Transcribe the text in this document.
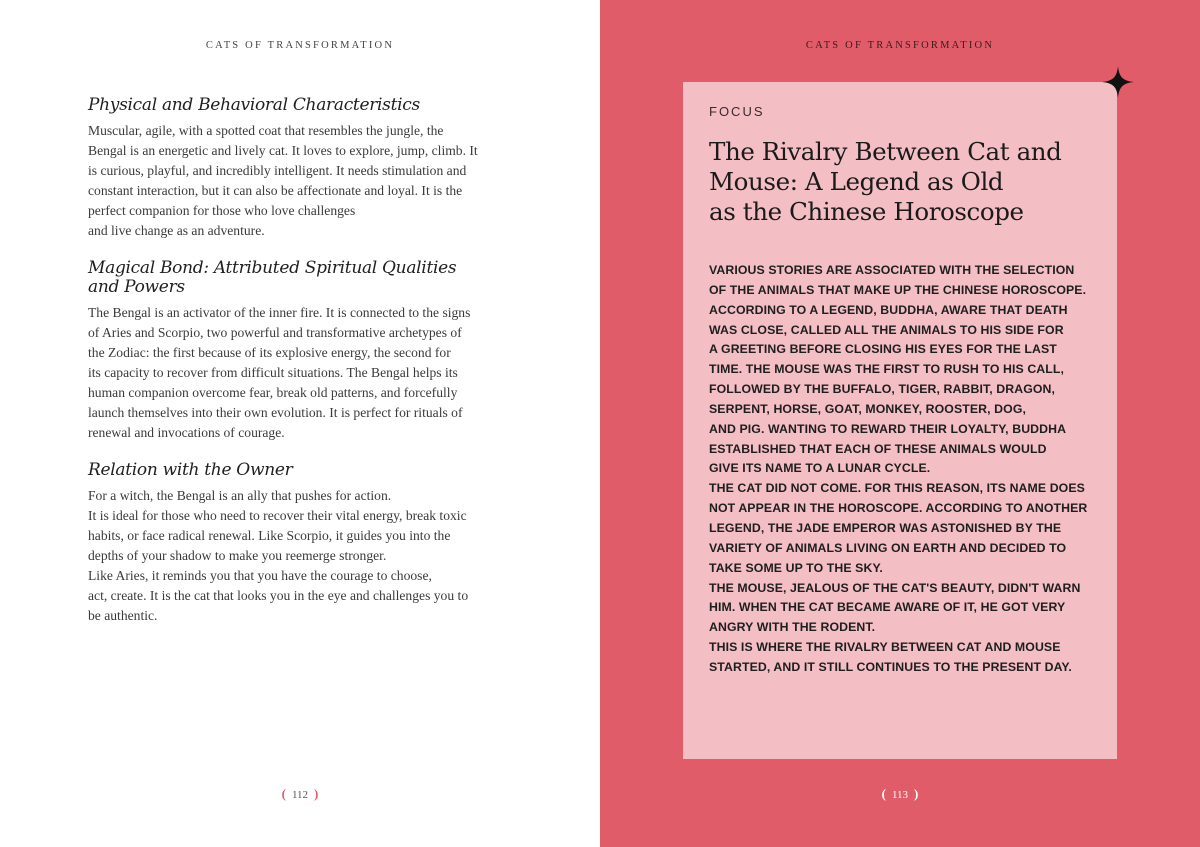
CATS OF TRANSFORMATION
Physical and Behavioral Characteristics

Muscular, agile, with a spotted coat that resembles the jungle, the
Bengal is an energetic and lively cat. It loves to explore, jump, climb. It
is curious, playful, and incredibly intelligent. It needs stimulation and
constant interaction, but it can also be affectionate and loyal. It is the
perfect companion for those who love challenges
and live change as an adventure.

Magical Bond: Attributed Spiritual Qualities
and Powers

The Bengal is an activator of the inner fire. It is connected to the signs
of Aries and Scorpio, two powerful and transformative archetypes of
the Zodiac: the first because of its explosive energy, the second for
its capacity to recover from difficult situations. The Bengal helps its
human companion overcome fear, break old patterns, and forcefully
launch themselves into their own evolution. It is perfect for rituals of
renewal and invocations of courage.

Relation with the Owner

For a witch, the Bengal is an ally that pushes for action.
It is ideal for those who need to recover their vital energy, break toxic
habits, or face radical renewal. Like Scorpio, it guides you into the
depths of your shadow to make you reemerge stronger.
Like Aries, it reminds you that you have the courage to choose,
act, create. It is the cat that looks you in the eye and challenges you to
be authentic.

( 112 )
CATS OF TRANSFORMATION
FOCUS
The Rivalry Between Cat and
Mouse: A Legend as Old
as the Chinese Horoscope

VARIOUS STORIES ARE ASSOCIATED WITH THE SELECTION
OF THE ANIMALS THAT MAKE UP THE CHINESE HOROSCOPE.
ACCORDING TO A LEGEND, BUDDHA, AWARE THAT DEATH
WAS CLOSE, CALLED ALL THE ANIMALS TO HIS SIDE FOR
A GREETING BEFORE CLOSING HIS EYES FOR THE LAST
TIME. THE MOUSE WAS THE FIRST TO RUSH TO HIS CALL,
FOLLOWED BY THE BUFFALO, TIGER, RABBIT, DRAGON,
SERPENT, HORSE, GOAT, MONKEY, ROOSTER, DOG,
AND PIG. WANTING TO REWARD THEIR LOYALTY, BUDDHA
ESTABLISHED THAT EACH OF THESE ANIMALS WOULD
GIVE ITS NAME TO A LUNAR CYCLE.
THE CAT DID NOT COME. FOR THIS REASON, ITS NAME DOES
NOT APPEAR IN THE HOROSCOPE. ACCORDING TO ANOTHER
LEGEND, THE JADE EMPEROR WAS ASTONISHED BY THE
VARIETY OF ANIMALS LIVING ON EARTH AND DECIDED TO
TAKE SOME UP TO THE SKY.
THE MOUSE, JEALOUS OF THE CAT'S BEAUTY, DIDN'T WARN
HIM. WHEN THE CAT BECAME AWARE OF IT, HE GOT VERY
ANGRY WITH THE RODENT.
THIS IS WHERE THE RIVALRY BETWEEN CAT AND MOUSE
STARTED, AND IT STILL CONTINUES TO THE PRESENT DAY.

( 113 )
